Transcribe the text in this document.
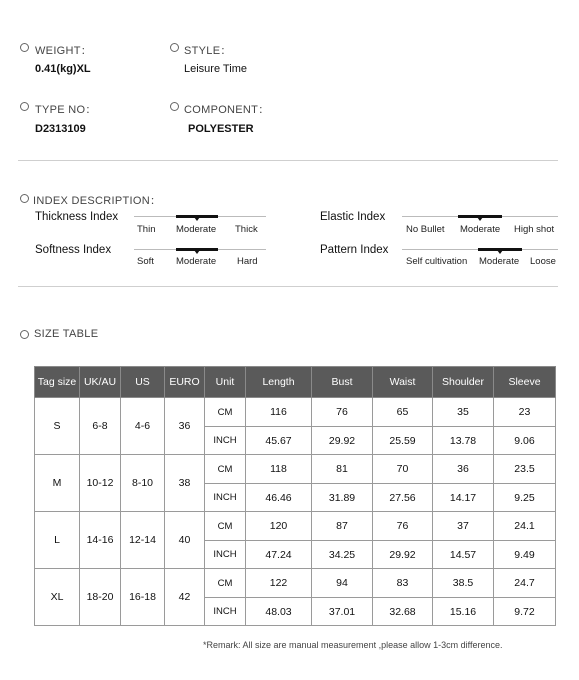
WEIGHT：
0.41(kg)XL
STYLE：
Leisure Time
TYPE NO：
D2313109
COMPONENT：
POLYESTER
INDEX DESCRIPTION：
Thickness Index
Thin Moderate Thick
Softness Index
Soft Moderate Hard
Elastic Index
No Bullet Moderate High shot
Pattern Index
Self cultivation Moderate Loose
SIZE TABLE
Tag size	UK/AU	US	EURO	Unit	Length	Bust	Waist	Shoulder	Sleeve
S	6-8	4-6	36	CM	116	76	65	35	23
				INCH	45.67	29.92	25.59	13.78	9.06
M	10-12	8-10	38	CM	118	81	70	36	23.5
				INCH	46.46	31.89	27.56	14.17	9.25
L	14-16	12-14	40	CM	120	87	76	37	24.1
				INCH	47.24	34.25	29.92	14.57	9.49
XL	18-20	16-18	42	CM	122	94	83	38.5	24.7
				INCH	48.03	37.01	32.68	15.16	9.72
*Remark: All size are manual measurement ,please allow 1-3cm difference.
